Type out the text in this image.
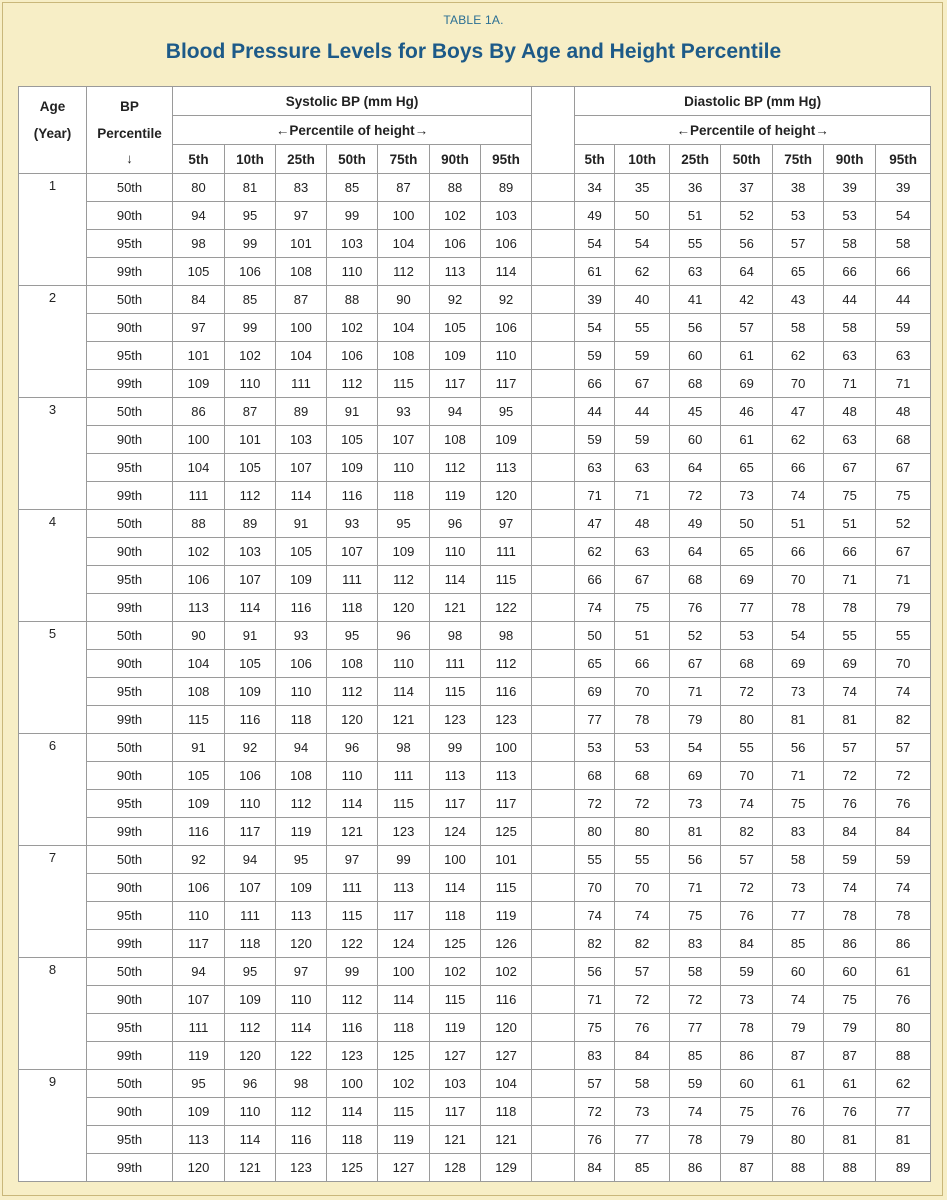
TABLE 1A.
Blood Pressure Levels for Boys By Age and Height Percentile
Age (Year)	BP Percentile
↓	Systolic BP (mm Hg)								Diastolic BP (mm Hg)						
		←Percentile of height→								←Percentile of height→						
		5th	10th	25th	50th	75th	90th	95th		5th	10th	25th	50th	75th	90th	95th
1	50th	80	81	83	85	87	88	89		34	35	36	37	38	39	39
	90th	94	95	97	99	100	102	103		49	50	51	52	53	53	54
	95th	98	99	101	103	104	106	106		54	54	55	56	57	58	58
	99th	105	106	108	110	112	113	114		61	62	63	64	65	66	66
2	50th	84	85	87	88	90	92	92		39	40	41	42	43	44	44
	90th	97	99	100	102	104	105	106		54	55	56	57	58	58	59
	95th	101	102	104	106	108	109	110		59	59	60	61	62	63	63
	99th	109	110	111	112	115	117	117		66	67	68	69	70	71	71
3	50th	86	87	89	91	93	94	95		44	44	45	46	47	48	48
	90th	100	101	103	105	107	108	109		59	59	60	61	62	63	68
	95th	104	105	107	109	110	112	113		63	63	64	65	66	67	67
	99th	111	112	114	116	118	119	120		71	71	72	73	74	75	75
4	50th	88	89	91	93	95	96	97		47	48	49	50	51	51	52
	90th	102	103	105	107	109	110	111		62	63	64	65	66	66	67
	95th	106	107	109	111	112	114	115		66	67	68	69	70	71	71
	99th	113	114	116	118	120	121	122		74	75	76	77	78	78	79
5	50th	90	91	93	95	96	98	98		50	51	52	53	54	55	55
	90th	104	105	106	108	110	111	112		65	66	67	68	69	69	70
	95th	108	109	110	112	114	115	116		69	70	71	72	73	74	74
	99th	115	116	118	120	121	123	123		77	78	79	80	81	81	82
6	50th	91	92	94	96	98	99	100		53	53	54	55	56	57	57
	90th	105	106	108	110	111	113	113		68	68	69	70	71	72	72
	95th	109	110	112	114	115	117	117		72	72	73	74	75	76	76
	99th	116	117	119	121	123	124	125		80	80	81	82	83	84	84
7	50th	92	94	95	97	99	100	101		55	55	56	57	58	59	59
	90th	106	107	109	111	113	114	115		70	70	71	72	73	74	74
	95th	110	111	113	115	117	118	119		74	74	75	76	77	78	78
	99th	117	118	120	122	124	125	126		82	82	83	84	85	86	86
8	50th	94	95	97	99	100	102	102		56	57	58	59	60	60	61
	90th	107	109	110	112	114	115	116		71	72	72	73	74	75	76
	95th	111	112	114	116	118	119	120		75	76	77	78	79	79	80
	99th	119	120	122	123	125	127	127		83	84	85	86	87	87	88
9	50th	95	96	98	100	102	103	104		57	58	59	60	61	61	62
	90th	109	110	112	114	115	117	118		72	73	74	75	76	76	77
	95th	113	114	116	118	119	121	121		76	77	78	79	80	81	81
	99th	120	121	123	125	127	128	129		84	85	86	87	88	88	89
